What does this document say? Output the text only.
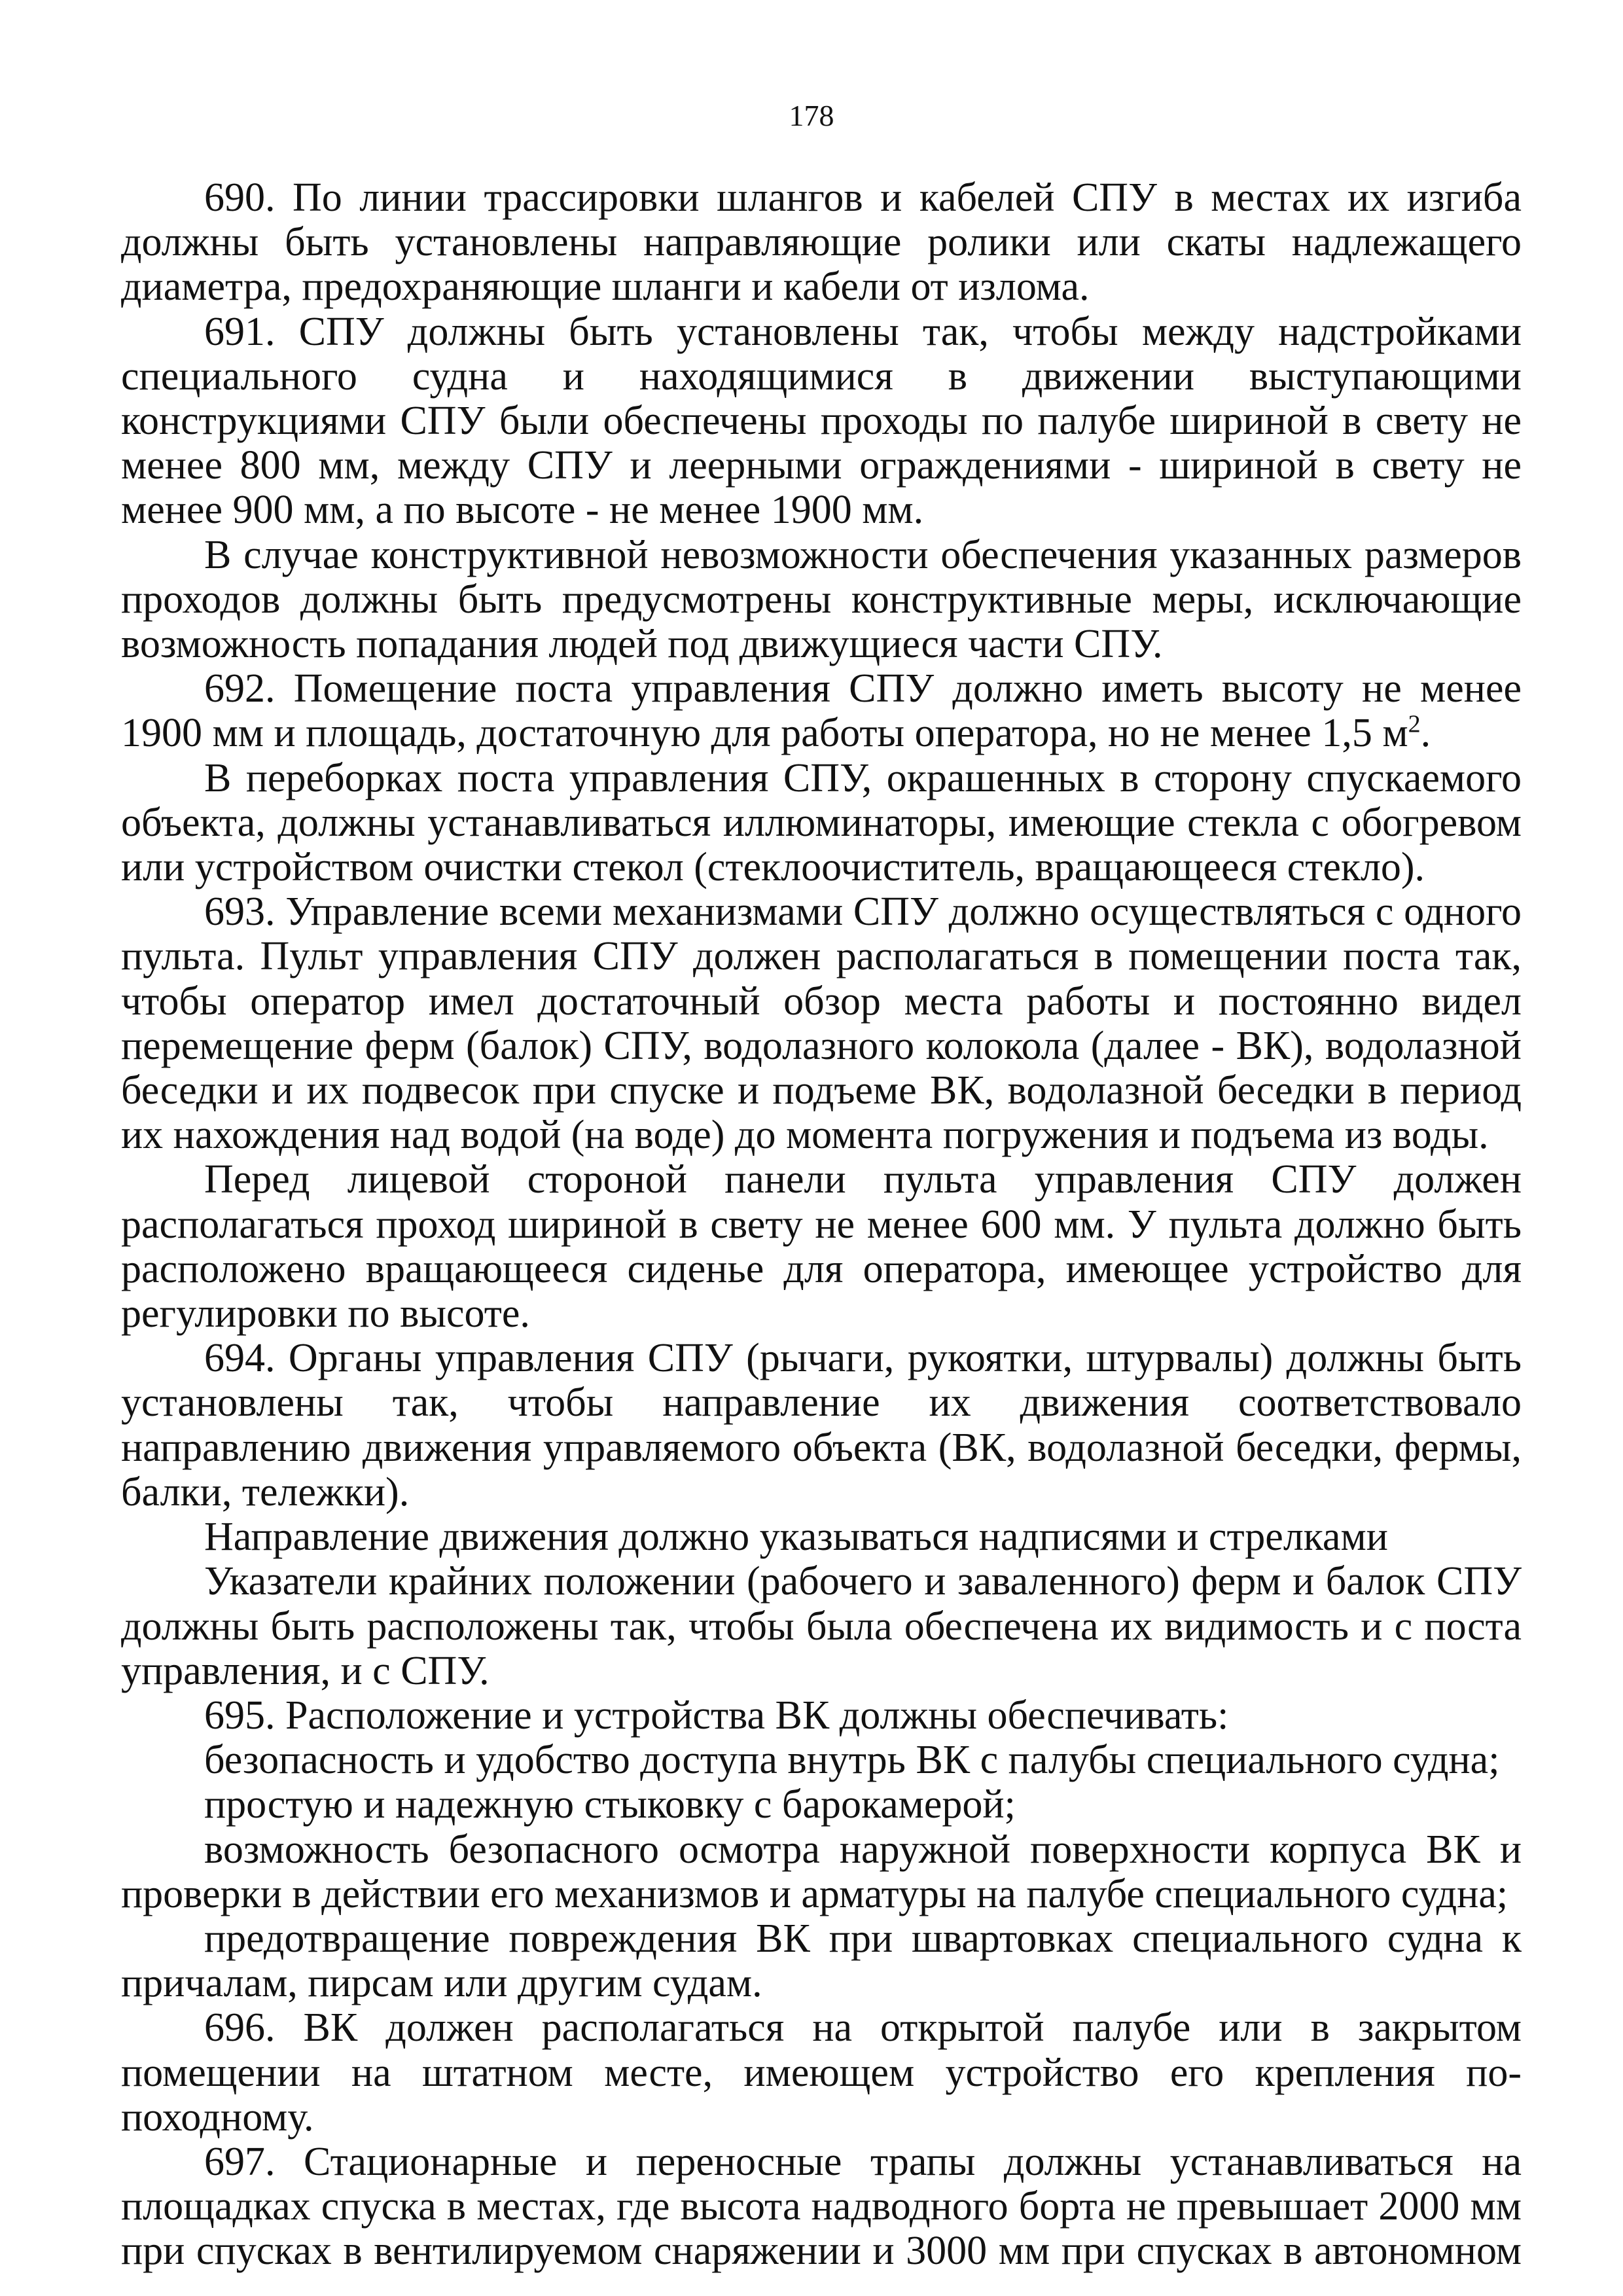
178

690. По линии трассировки шлангов и кабелей СПУ в местах их изгиба должны быть установлены направляющие ролики или скаты надлежащего диаметра, предохраняющие шланги и кабели от излома.

691. СПУ должны быть установлены так, чтобы между надстройками специального судна и находящимися в движении выступающими конструкциями СПУ были обеспечены проходы по палубе шириной в свету не менее 800 мм, между СПУ и леерными ограждениями - шириной в свету не менее 900 мм, а по высоте - не менее 1900 мм.

В случае конструктивной невозможности обеспечения указанных размеров проходов должны быть предусмотрены конструктивные меры, исключающие возможность попадания людей под движущиеся части СПУ.

692. Помещение поста управления СПУ должно иметь высоту не менее 1900 мм и площадь, достаточную для работы оператора, но не менее 1,5 $м^2$.

В переборках поста управления СПУ, окрашенных в сторону спускаемого объекта, должны устанавливаться иллюминаторы, имеющие стекла с обогревом или устройством очистки стекол (стеклоочиститель, вращающееся стекло).

693. Управление всеми механизмами СПУ должно осуществляться с одного пульта. Пульт управления СПУ должен располагаться в помещении поста так, чтобы оператор имел достаточный обзор места работы и постоянно видел перемещение ферм (балок) СПУ, водолазного колокола (далее - ВК), водолазной беседки и их подвесок при спуске и подъеме ВК, водолазной беседки в период их нахождения над водой (на воде) до момента погружения и подъема из воды.

Перед лицевой стороной панели пульта управления СПУ должен располагаться проход шириной в свету не менее 600 мм. У пульта должно быть расположено вращающееся сиденье для оператора, имеющее устройство для регулировки по высоте.

694. Органы управления СПУ (рычаги, рукоятки, штурвалы) должны быть установлены так, чтобы направление их движения соответствовало направлению движения управляемого объекта (ВК, водолазной беседки, фермы, балки, тележки).

Направление движения должно указываться надписями и стрелками

Указатели крайних положении (рабочего и заваленного) ферм и балок СПУ должны быть расположены так, чтобы была обеспечена их видимость и с поста управления, и с СПУ.

695. Расположение и устройства ВК должны обеспечивать:

безопасность и удобство доступа внутрь ВК с палубы специального судна;

простую и надежную стыковку с барокамерой;

возможность безопасного осмотра наружной поверхности корпуса ВК и проверки в действии его механизмов и арматуры на палубе специального судна;

предотвращение повреждения ВК при швартовках специального судна к причалам, пирсам или другим судам.

696. ВК должен располагаться на открытой палубе или в закрытом помещении на штатном месте, имеющем устройство его крепления по-походному.

697. Стационарные и переносные трапы должны устанавливаться на площадках спуска в местах, где высота надводного борта не превышает 2000 мм при спусках в вентилируемом снаряжении и 3000 мм при спусках в автономном
